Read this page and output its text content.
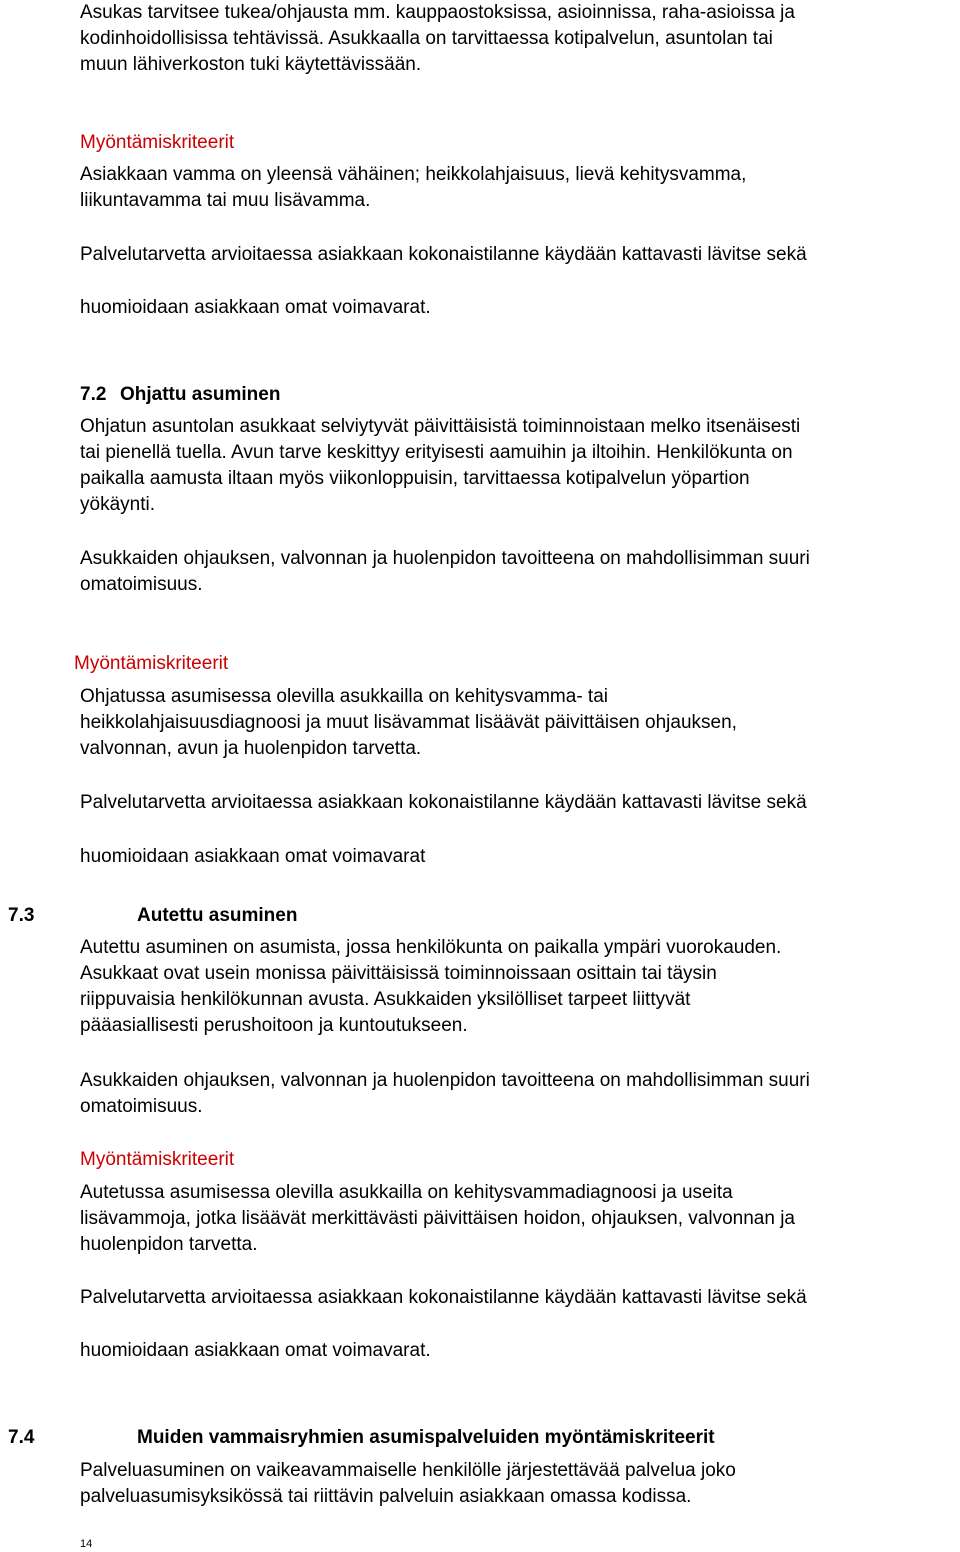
Asukas tarvitsee tukea/ohjausta mm. kauppaostoksissa, asioinnissa, raha-asioissa ja

kodinhoidollisissa tehtävissä. Asukkaalla on tarvittaessa kotipalvelun, asuntolan tai

muun lähiverkoston tuki käytettävissään.

Myöntämiskriteerit

Asiakkaan vamma on yleensä vähäinen; heikkolahjaisuus, lievä kehitysvamma,

liikuntavamma tai muu lisävamma.

Palvelutarvetta arvioitaessa asiakkaan kokonaistilanne käydään kattavasti lävitse sekä

huomioidaan asiakkaan omat voimavarat.

7.2 Ohjattu asuminen

Ohjatun asuntolan asukkaat selviytyvät päivittäisistä toiminnoistaan melko itsenäisesti

tai pienellä tuella. Avun tarve keskittyy erityisesti aamuihin ja iltoihin. Henkilökunta on

paikalla aamusta iltaan myös viikonloppuisin, tarvittaessa kotipalvelun yöpartion

yökäynti.

Asukkaiden ohjauksen, valvonnan ja huolenpidon tavoitteena on mahdollisimman suuri

omatoimisuus.

Myöntämiskriteerit

Ohjatussa asumisessa olevilla asukkailla on kehitysvamma- tai

heikkolahjaisuusdiagnoosi ja muut lisävammat lisäävät päivittäisen ohjauksen,

valvonnan, avun ja huolenpidon tarvetta.

Palvelutarvetta arvioitaessa asiakkaan kokonaistilanne käydään kattavasti lävitse sekä

huomioidaan asiakkaan omat voimavarat

7.3	Autettu asuminen

Autettu asuminen on asumista, jossa henkilökunta on paikalla ympäri vuorokauden.

Asukkaat ovat usein monissa päivittäisissä toiminnoissaan osittain tai täysin

riippuvaisia henkilökunnan avusta. Asukkaiden yksilölliset tarpeet liittyvät

pääasiallisesti perushoitoon ja kuntoutukseen.

Asukkaiden ohjauksen, valvonnan ja huolenpidon tavoitteena on mahdollisimman suuri

omatoimisuus.

Myöntämiskriteerit

Autetussa asumisessa olevilla asukkailla on kehitysvammadiagnoosi ja useita

lisävammoja, jotka lisäävät merkittävästi päivittäisen hoidon, ohjauksen, valvonnan ja

huolenpidon tarvetta.

Palvelutarvetta arvioitaessa asiakkaan kokonaistilanne käydään kattavasti lävitse sekä

huomioidaan asiakkaan omat voimavarat.

7.4	Muiden vammaisryhmien asumispalveluiden myöntämiskriteerit

Palveluasuminen on vaikeavammaiselle henkilölle järjestettävää palvelua joko

palveluasumisyksikössä tai riittävin palveluin asiakkaan omassa kodissa.

14
